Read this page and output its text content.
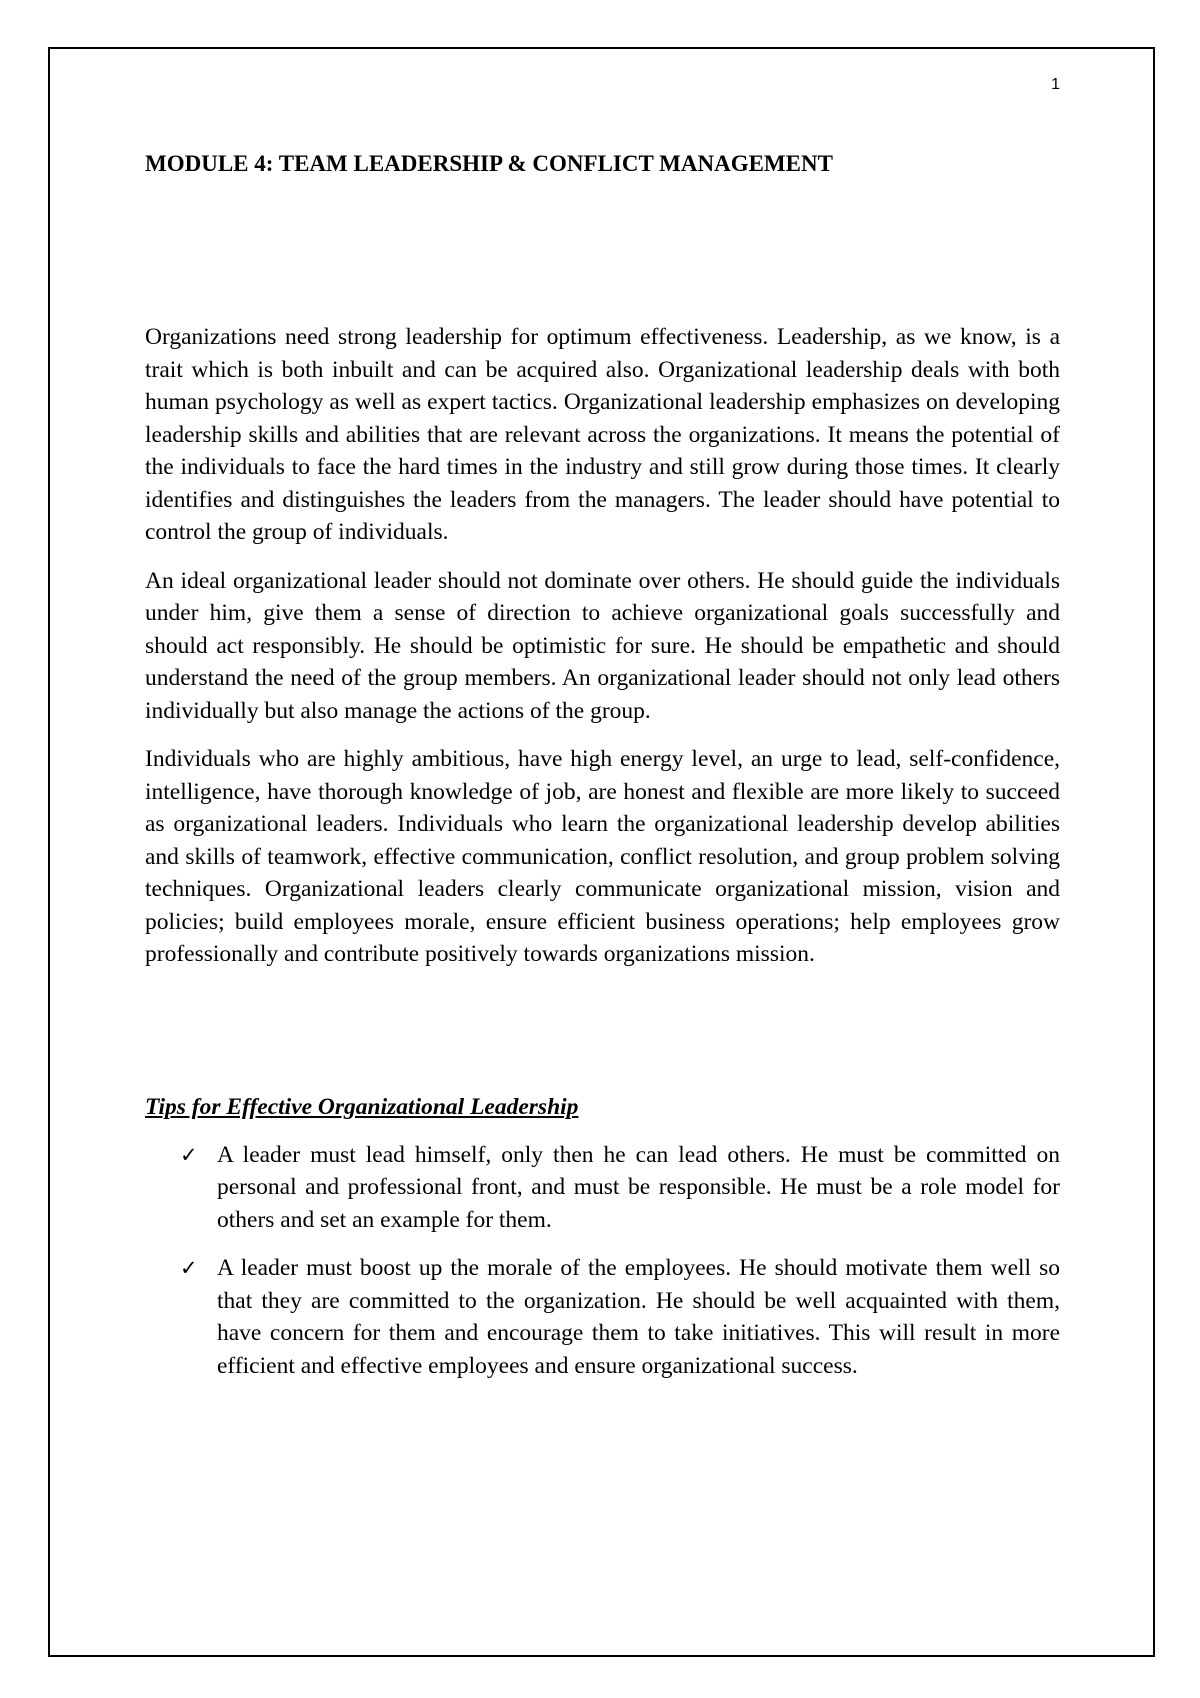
1
MODULE 4: TEAM LEADERSHIP & CONFLICT MANAGEMENT

Organizations need strong leadership for optimum effectiveness. Leadership, as we know, is a trait which is both inbuilt and can be acquired also. Organizational leadership deals with both human psychology as well as expert tactics. Organizational leadership emphasizes on developing leadership skills and abilities that are relevant across the organizations. It means the potential of the individuals to face the hard times in the industry and still grow during those times. It clearly identifies and distinguishes the leaders from the managers. The leader should have potential to control the group of individuals.

An ideal organizational leader should not dominate over others. He should guide the individuals under him, give them a sense of direction to achieve organizational goals successfully and should act responsibly. He should be optimistic for sure. He should be empathetic and should understand the need of the group members. An organizational leader should not only lead others individually but also manage the actions of the group.

Individuals who are highly ambitious, have high energy level, an urge to lead, self-confidence, intelligence, have thorough knowledge of job, are honest and flexible are more likely to succeed as organizational leaders. Individuals who learn the organizational leadership develop abilities and skills of teamwork, effective communication, conflict resolution, and group problem solving techniques. Organizational leaders clearly communicate organizational mission, vision and policies; build employees morale, ensure efficient business operations; help employees grow professionally and contribute positively towards organizations mission.

Tips for Effective Organizational Leadership
✓ A leader must lead himself, only then he can lead others. He must be committed on personal and professional front, and must be responsible. He must be a role model for others and set an example for them.
✓ A leader must boost up the morale of the employees. He should motivate them well so that they are committed to the organization. He should be well acquainted with them, have concern for them and encourage them to take initiatives. This will result in more efficient and effective employees and ensure organizational success.
